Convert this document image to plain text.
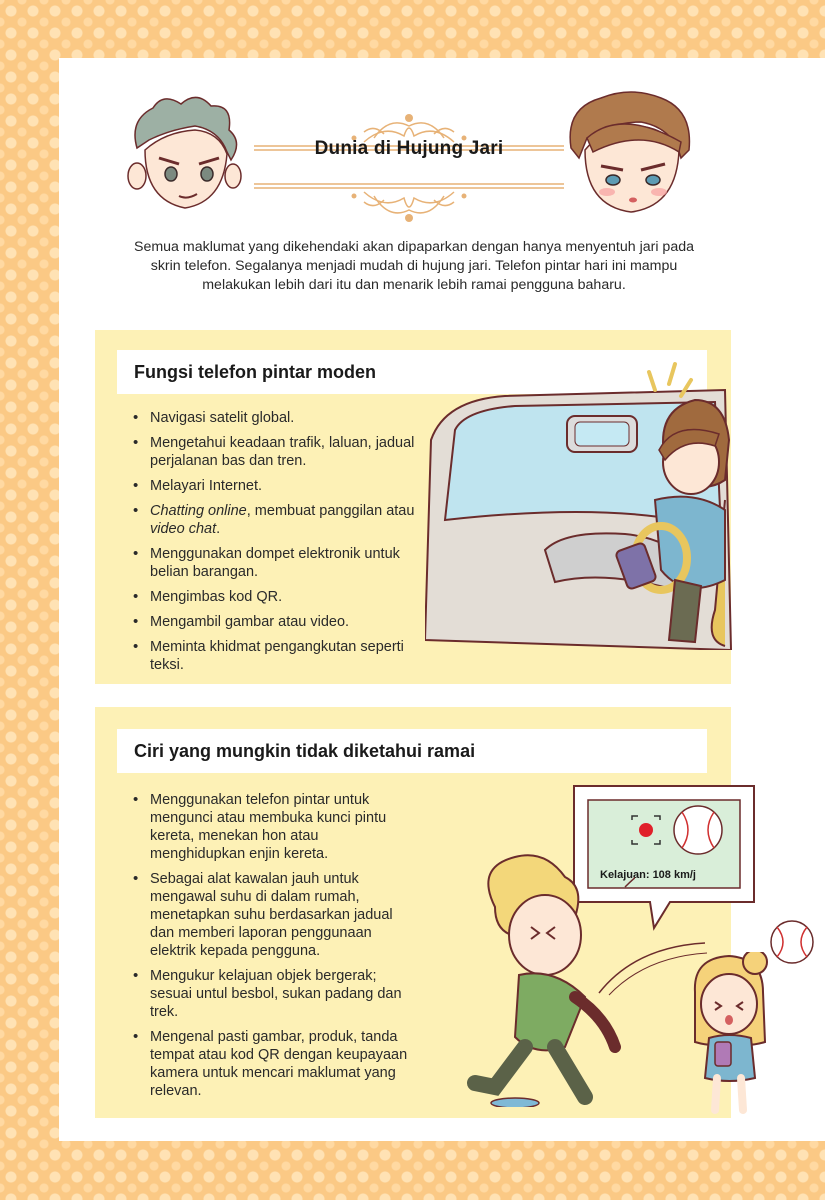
Dunia di Hujung Jari
Semua maklumat yang dikehendaki akan dipaparkan dengan hanya menyentuh jari pada skrin telefon. Segalanya menjadi mudah di hujung jari. Telefon pintar hari ini mampu melakukan lebih dari itu dan menarik lebih ramai pengguna baharu.
Fungsi telefon pintar moden
• Navigasi satelit global.
• Mengetahui keadaan trafik, laluan, jadual perjalanan bas dan tren.
• Melayari Internet.
• Chatting online, membuat panggilan atau video chat.
• Menggunakan dompet elektronik untuk belian barangan.
• Mengimbas kod QR.
• Mengambil gambar atau video.
• Meminta khidmat pengangkutan seperti teksi.
Ciri yang mungkin tidak diketahui ramai
• Menggunakan telefon pintar untuk mengunci atau membuka kunci pintu kereta, menekan hon atau menghidupkan enjin kereta.
• Sebagai alat kawalan jauh untuk mengawal suhu di dalam rumah, menetapkan suhu berdasarkan jadual dan memberi laporan penggunaan elektrik kepada pengguna.
• Mengukur kelajuan objek bergerak; sesuai untul besbol, sukan padang dan trek.
• Mengenal pasti gambar, produk, tanda tempat atau kod QR dengan keupayaan kamera untuk mencari maklumat yang relevan.
Kelajuan: 108 km/j
